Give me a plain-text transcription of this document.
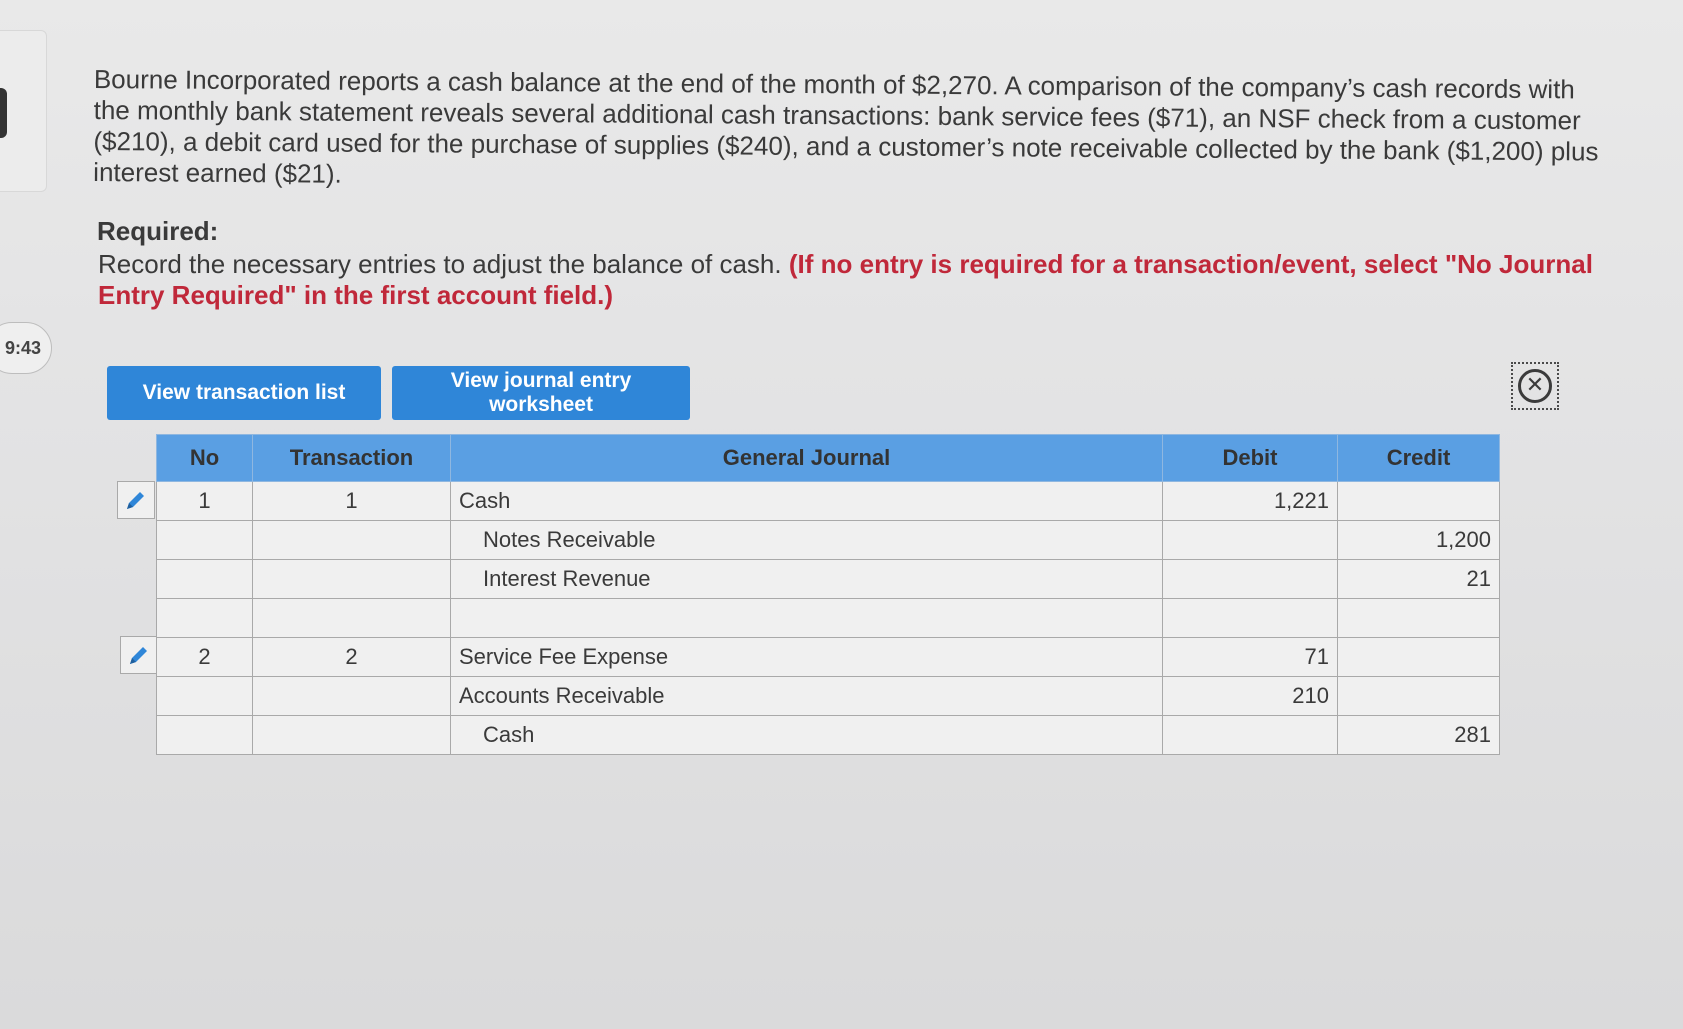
9:43
Bourne Incorporated reports a cash balance at the end of the month of $2,270. A comparison of the company’s cash records with the monthly bank statement reveals several additional cash transactions: bank service fees ($71), an NSF check from a customer ($210), a debit card used for the purchase of supplies ($240), and a customer’s note receivable collected by the bank ($1,200) plus interest earned ($21).
Required:
Record the necessary entries to adjust the balance of cash. (If no entry is required for a transaction/event, select "No Journal Entry Required" in the first account field.)
View transaction list
View journal entry worksheet
✕
No	Transaction	General Journal	Debit	Credit
1	1	Cash	1,221	
		Notes Receivable		1,200
		Interest Revenue		21

2	2	Service Fee Expense	71	
		Accounts Receivable	210	
		Cash		281
